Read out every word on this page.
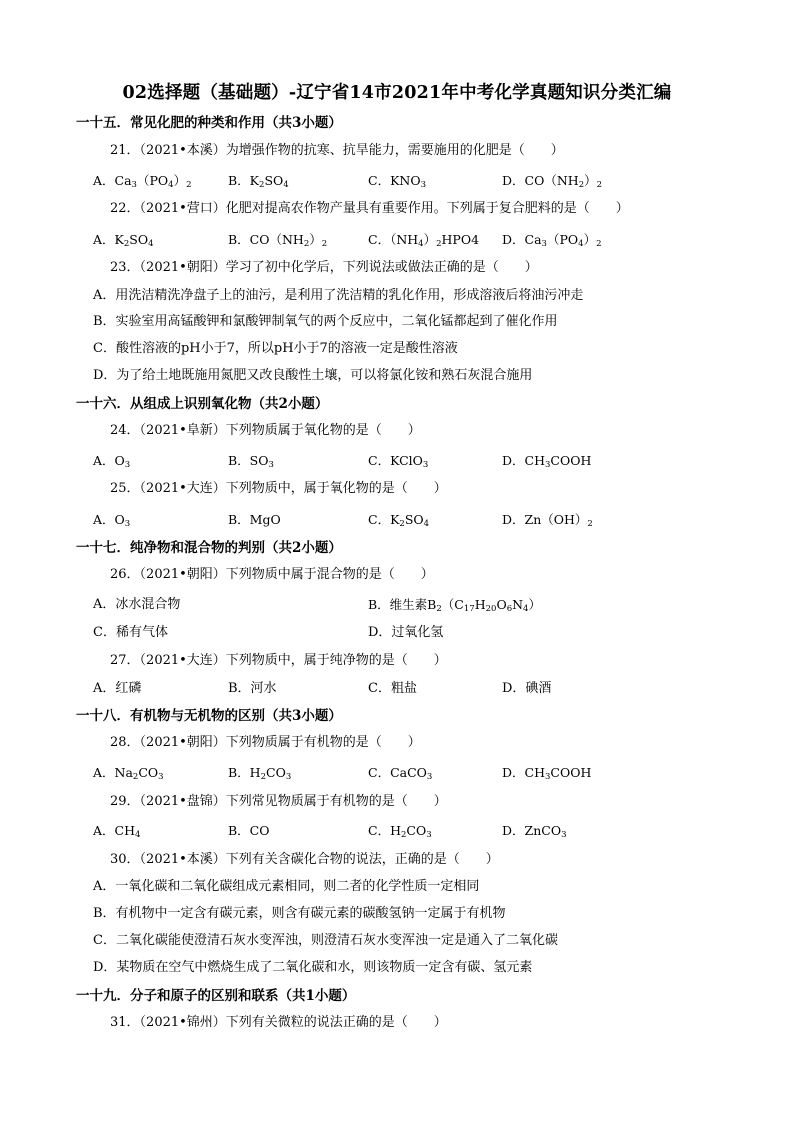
02选择题（基础题）-辽宁省14市2021年中考化学真题知识分类汇编
一十五．常见化肥的种类和作用（共3小题）
21．（2021•本溪）为增强作物的抗寒、抗旱能力，需要施用的化肥是（　　）
A．$Ca_3(PO_4)_2$	B．$K_2SO_4$	C．$KNO_3$	D．$CO(NH_2)_2$
22．（2021•营口）化肥对提高农作物产量具有重要作用。下列属于复合肥料的是（　　）
A．$K_2SO_4$	B．$CO(NH_2)_2$	C．$(NH_4)_2HPO4$ D．$Ca_3(PO_4)_2$
23．（2021•朝阳）学习了初中化学后，下列说法或做法正确的是（　　）
A．用洗洁精洗净盘子上的油污，是利用了洗洁精的乳化作用，形成溶液后将油污冲走
B．实验室用高锰酸钾和氯酸钾制氧气的两个反应中，二氧化锰都起到了催化作用
C．酸性溶液的pH小于7，所以pH小于7的溶液一定是酸性溶液
D．为了给土地既施用氮肥又改良酸性土壤，可以将氯化铵和熟石灰混合施用
一十六．从组成上识别氧化物（共2小题）
24．（2021•阜新）下列物质属于氧化物的是（　　）
A．$O_3$	B．$SO_3$	C．KClO$_3$	D．$CH_3COOH$
25．（2021•大连）下列物质中，属于氧化物的是（　　）
A．$O_3$	B．MgO	C．$K_2SO_4$	D．$Zn(OH)_2$
一十七．纯净物和混合物的判别（共2小题）
26．（2021•朝阳）下列物质中属于混合物的是（　　）
A．冰水混合物	B．维生素$B_2(C_{17}H_{20}O_6N_4)$
C．稀有气体	D．过氧化氢
27．（2021•大连）下列物质中，属于纯净物的是（　　）
A．红磷	B．河水	C．粗盐	D．碘酒
一十八．有机物与无机物的区别（共3小题）
28．（2021•朝阳）下列物质属于有机物的是（　　）
A．$Na_2CO_3$	B．$H_2CO_3$	C．CaCO$_3$	D．$CH_3COOH$
29．（2021•盘锦）下列常见物质属于有机物的是（　　）
A．$CH_4$	B．CO	C．$H_2CO_3$	D．ZnCO$_3$
30．（2021•本溪）下列有关含碳化合物的说法，正确的是（　　）
A．一氧化碳和二氧化碳组成元素相同，则二者的化学性质一定相同
B．有机物中一定含有碳元素，则含有碳元素的碳酸氢钠一定属于有机物
C．二氧化碳能使澄清石灰水变浑浊，则澄清石灰水变浑浊一定是通入了二氧化碳
D．某物质在空气中燃烧生成了二氧化碳和水，则该物质一定含有碳、氢元素
一十九．分子和原子的区别和联系（共1小题）
31．（2021•锦州）下列有关微粒的说法正确的是（　　）
